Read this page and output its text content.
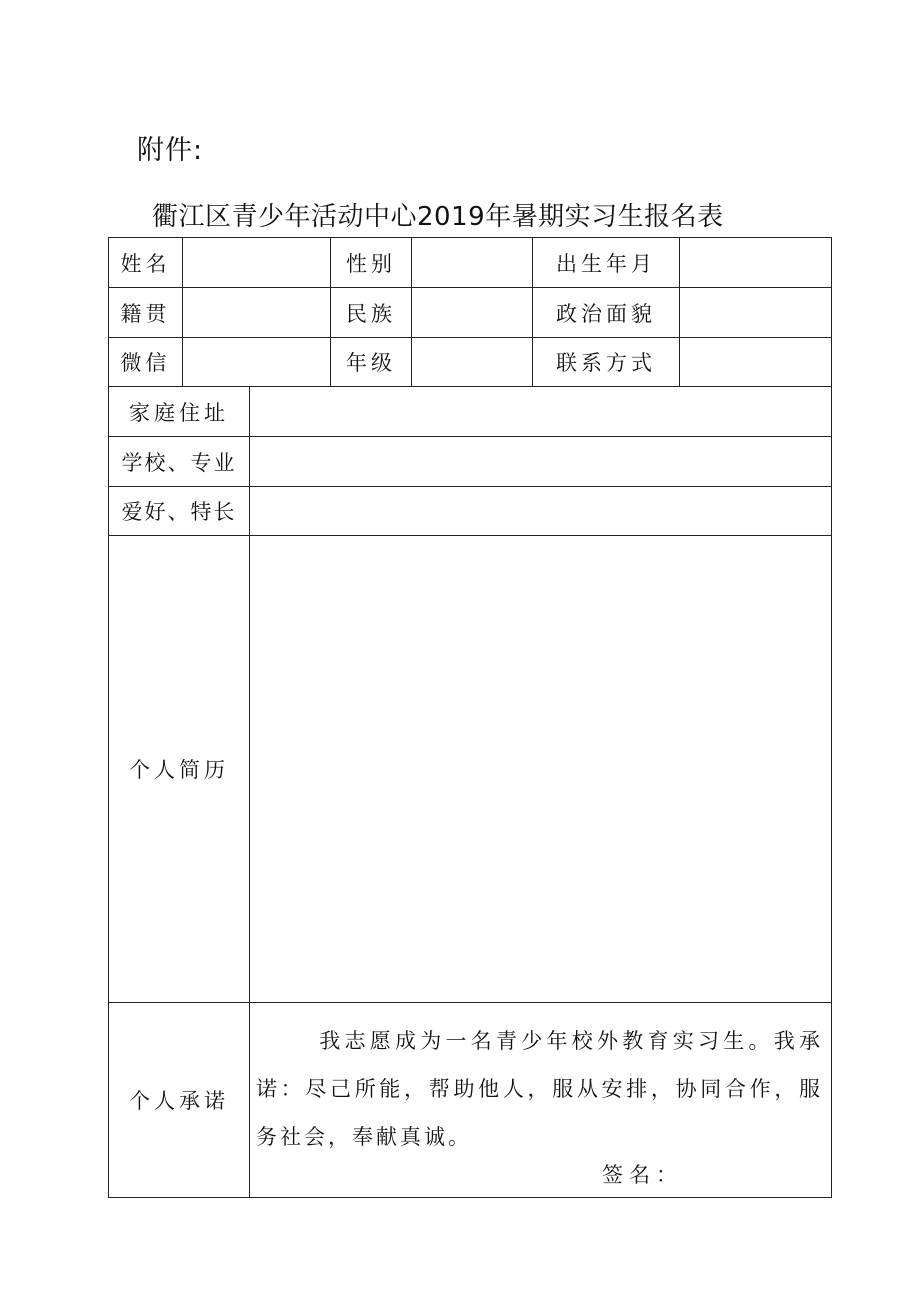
附件:
衢江区青少年活动中心2019年暑期实习生报名表
姓名			性别		出生年月	

籍贯			民族		政治面貌	

微信			年级		联系方式	

家庭住址						

学校、专业						

爱好、特长						

个人简历						

个人承诺		我志愿成为一名青少年校外教育实习生。我承诺：尽己所能，帮助他人，服从安排，协同合作，服务社会，奉献真诚。
签名：				
